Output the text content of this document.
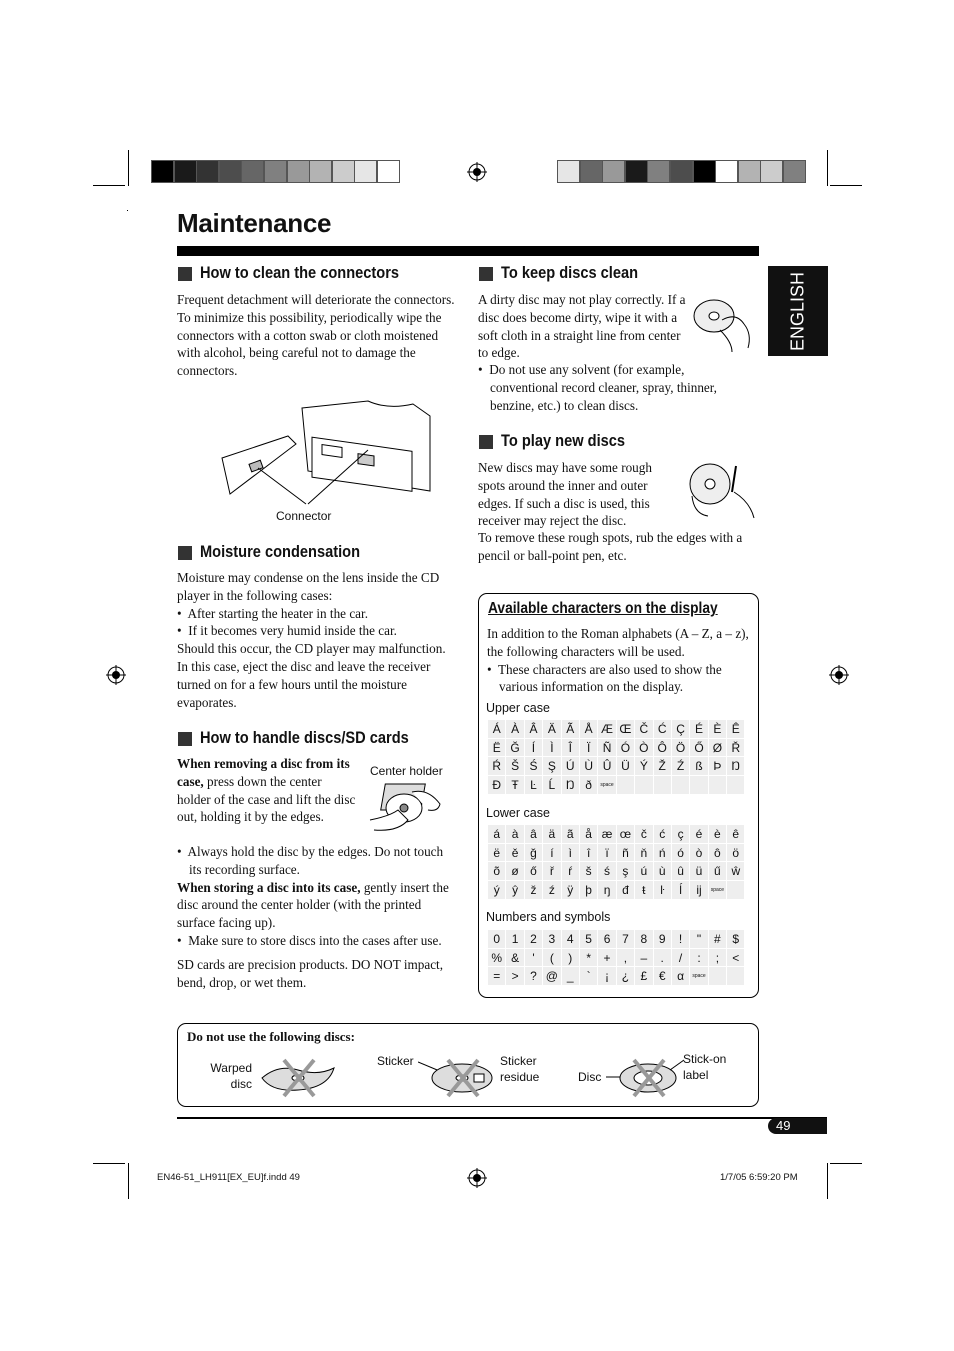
Maintenance
ENGLISH
How to clean the connectors

Frequent detachment will deteriorate the connectors.

To minimize this possibility, periodically wipe the connectors with a cotton swab or cloth moistened with alcohol, being careful not to damage the connectors.

Connector
Moisture condensation

Moisture may condense on the lens inside the CD player in the following cases:

•  After starting the heater in the car.

•  If it becomes very humid inside the car.

Should this occur, the CD player may malfunction. In this case, eject the disc and leave the receiver turned on for a few hours until the moisture evaporates.

How to handle discs/SD cards

When removing a disc from its case, press down the center holder of the case and lift the disc out, holding it by the edges.

Center holder

•  Always hold the disc by the edges. Do not touch its recording surface.

When storing a disc into its case, gently insert the disc around the center holder (with the printed surface facing up).

•  Make sure to store discs into the cases after use.

SD cards are precision products. DO NOT impact, bend, drop, or wet them.

To keep discs clean
A dirty disc may not play correctly. If a disc does become dirty, wipe it with a soft cloth in a straight line from center to edge.

•  Do not use any solvent (for example, conventional record cleaner, spray, thinner, benzine, etc.) to clean discs.

To play new discs
New discs may have some rough spots around the inner and outer edges. If such a disc is used, this receiver may reject the disc.
To remove these rough spots, rub the edges with a pencil or ball-point pen, etc.
Available characters on the display

In addition to the Roman alphabets (A – Z, a – z), the following characters will be used.

•  These characters are also used to show the various information on the display.

Upper case
Á	À	Â	Ä	Ã	Å	Æ	Œ	Č	Ć	Ç	É	È	Ê
Ë	Ğ	Í	Ì	Î	Ï	Ñ	Ó	Ò	Ô	Ö	Ő	Ø	Ř
Ŕ	Š	Ś	Ş	Ú	Ù	Û	Ü	Ý	Ž	Ź	ß	Þ	Ŋ
Đ	Ŧ	Ŀ	Ĺ	Ŋ	ð	space							
Lower case
á	à	â	ä	ã	å	æ	œ	č	ć	ç	é	è	ê
ë	ě	ğ	í	ì	î	ï	ñ	ň	ń	ó	ò	ô	ö
õ	ø	ő	ř	ŕ	š	ś	ş	ú	ù	û	ü	ű	ŵ
ý	ŷ	ž	ź	ÿ	þ	ŋ	đ	ŧ	ŀ	ĺ	ij	space	
Numbers and symbols
0	1	2	3	4	5	6	7	8	9	!	"	#	$
%	&	'	(	)	*	+	,	–	.	/	:	;	<
=	>	?	@	_	`	¡	¿	£	€	α	space		
Do not use the following discs:
Warped disc
Sticker	Sticker residue	Disc
Stick-on label
49
EN46-51_LH911[EX_EU]f.indd 49	1/7/05 6:59:20 PM
